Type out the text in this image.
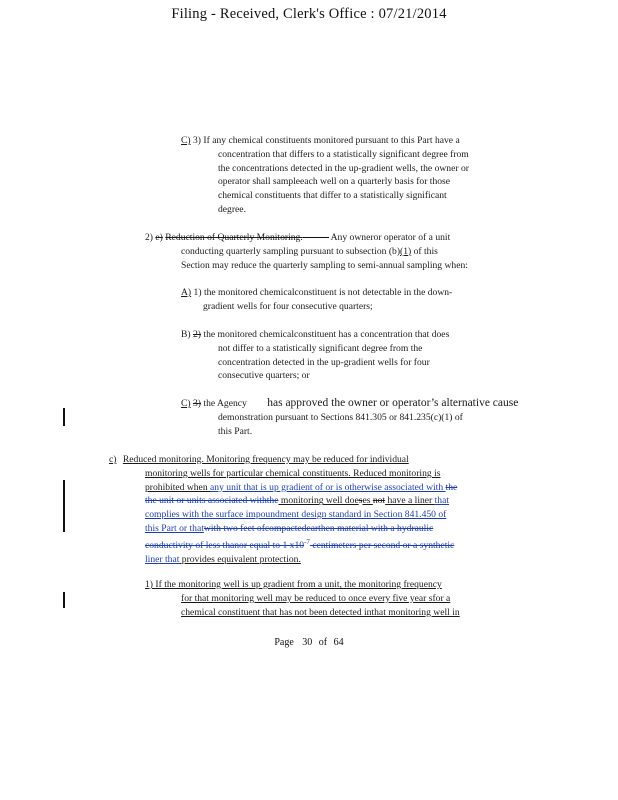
Filing - Received, Clerk's Office : 07/21/2014
C) 3) If any chemical constituents monitored pursuant to this Part have a
concentration that differs to a statistically significant degree from
the concentrations detected in the up-gradient wells, the owner or
operator shall sampleeach well on a quarterly basis for those
chemical constituents that differ to a statistically significant
degree.
2) e) Reduction of Quarterly Monitoring.	Any owneror operator of a unit
conducting quarterly sampling pursuant to subsection (b)(1) of this
Section may reduce the quarterly sampling to semi-annual sampling when:
A) 1) the monitored chemicalconstituent is not detectable in the down-
gradient wells for four consecutive quarters;
B) 2) the monitored chemicalconstituent has a concentration that does
not differ to a statistically significant degree from the
concentration detected in the up-gradient wells for four
consecutive quarters; or
C) 3) the Agency has approved the owner or operator’s alternative cause
demonstration pursuant to Sections 841.305 or 841.235(c)(1) of
this Part.
c) Reduced monitoring. Monitoring frequency may be reduced for individual
monitoring wells for particular chemical constituents. Reduced monitoring is
prohibited when any unit that is up gradient of or is otherwise associated with the
the unit or units associated withthe monitoring well doeses not have a liner that
complies with the surface impoundment design standard in Section 841.450 of
this Part or thatwith two feet ofcompactedearthen material with a hydraulic
conductivity of less thanor equal to 1 $x10^{-7}$ centimeters per second or a synthetic
liner that provides equivalent protection.
1) If the monitoring well is up gradient from a unit, the monitoring frequency
for that monitoring well may be reduced to once every five year sfor a
chemical constituent that has not been detected inthat monitoring well in
Page 30 of 64
